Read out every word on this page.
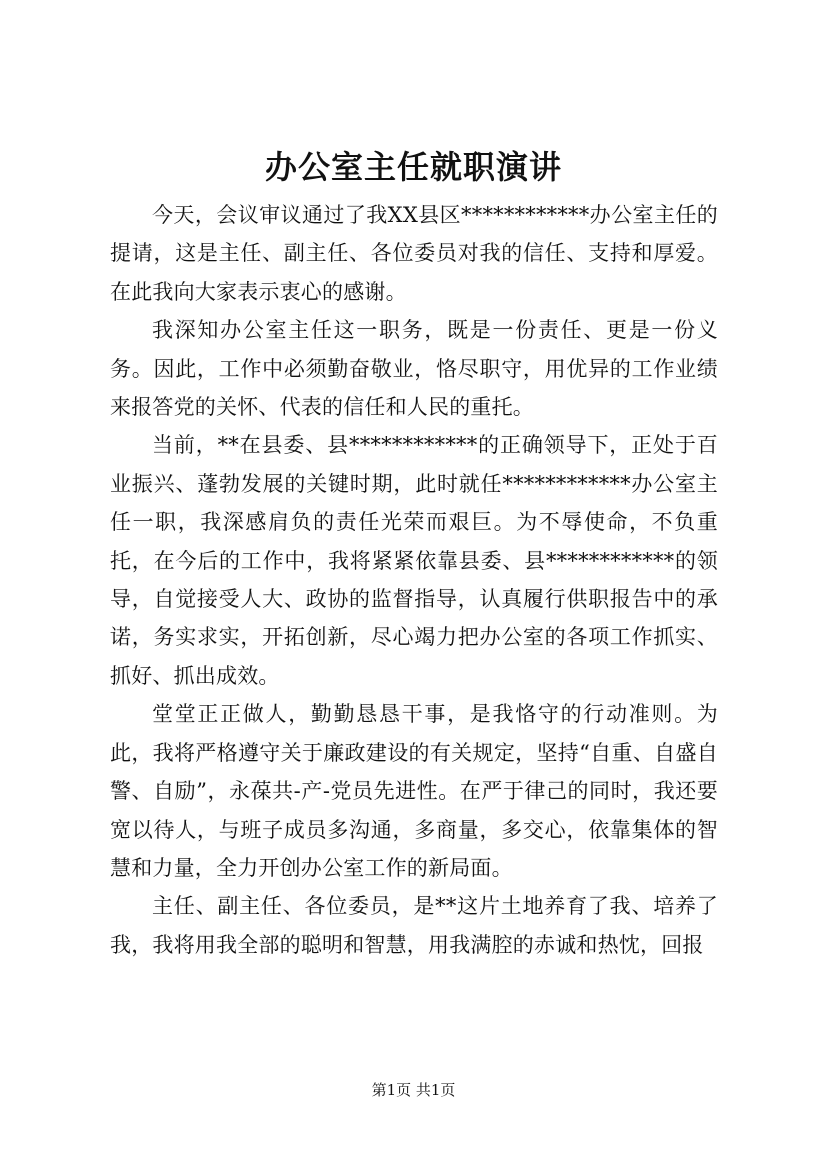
办公室主任就职演讲

今天，会议审议通过了我XX县区************办公室主任的提请，这是主任、副主任、各位委员对我的信任、支持和厚爱。在此我向大家表示衷心的感谢。

我深知办公室主任这一职务，既是一份责任、更是一份义务。因此，工作中必须勤奋敬业，恪尽职守，用优异的工作业绩来报答党的关怀、代表的信任和人民的重托。

当前，**在县委、县************的正确领导下，正处于百业振兴、蓬勃发展的关键时期，此时就任************办公室主任一职，我深感肩负的责任光荣而艰巨。为不辱使命，不负重托，在今后的工作中，我将紧紧依靠县委、县************的领导，自觉接受人大、政协的监督指导，认真履行供职报告中的承诺，务实求实，开拓创新，尽心竭力把办公室的各项工作抓实、抓好、抓出成效。

堂堂正正做人，勤勤恳恳干事，是我恪守的行动准则。为此，我将严格遵守关于廉政建设的有关规定，坚持“自重、自盛自警、自励”，永葆共-产-党员先进性。在严于律己的同时，我还要宽以待人，与班子成员多沟通，多商量，多交心，依靠集体的智慧和力量，全力开创办公室工作的新局面。

主任、副主任、各位委员，是**这片土地养育了我、培养了我，我将用我全部的聪明和智慧，用我满腔的赤诚和热忱，回报

第1页 共1页
